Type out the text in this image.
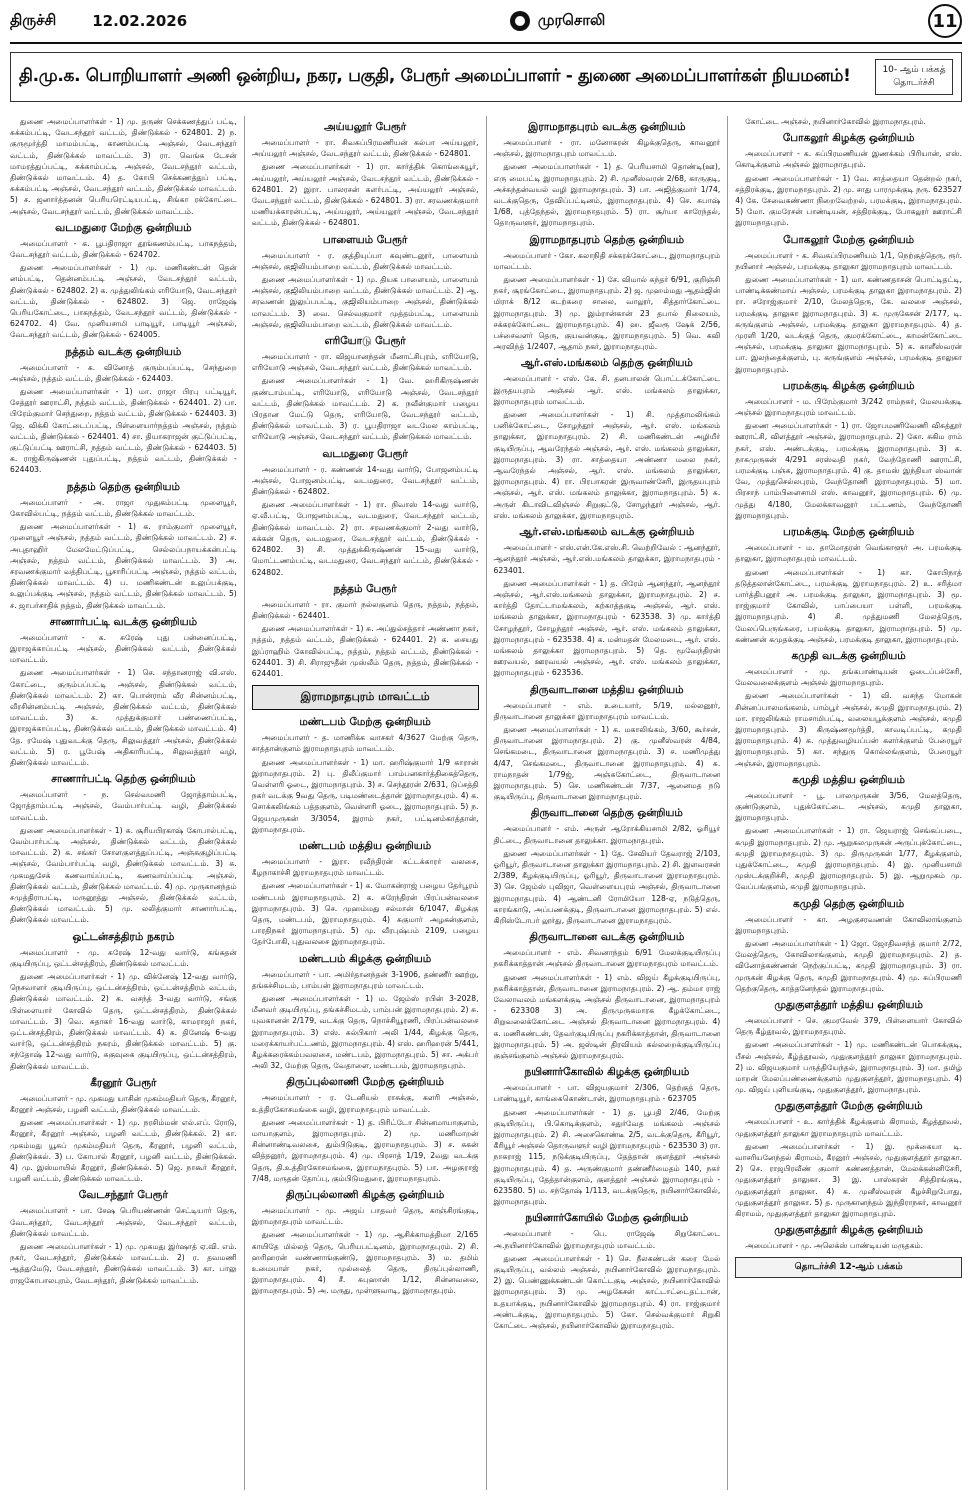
திருச்சி 12.02.2026	முரசொலி	11
தி.மு.க. பொறியாளர் அணி ஒன்றிய, நகர, பகுதி, பேரூர் அமைப்பாளர் - துணை அமைப்பாளர்கள் நியமனம்!	10- ஆம் பக்கத்
தொடர்ச்சி
துணை அமைப்பாளர்கள் - 1) மு. தருண் செக்கணத்துப் பட்டி, சுக்கம்பட்டி, வேடசந்தூர் வட்டம், திண்டுக்கல் - 624801. 2) ந. குருமூர்த்தி மாமம்பட்டி, காணம்பட்டி அஞ்சல், வேடசந்தூர் வட்டம், திண்டுக்கல் மாவட்டம். 3) ரா. வெங்க டேசன் மாமரத்துப்பட்டி, சுக்காம்பட்டி அஞ்சல், வேடசந்தூர் வட்டம், திண்டுக்கல் மாவட்டம். 4) த. கோபி செக்கணத்துப் பட்டி, சுக்கம்பட்டி அஞ்சல், வேடசந்தூர் வட்டம், திண்டுக்கல் மாவட்டம். 5) ச. ஜனார்த்தனன் பெரியரெட்டியபட்டி, சிங்கா ரக்கோட்டை அஞ்சல், வேடசந்தூர் வட்டம், திண்டுக்கல் மாவட்டம்.
வடமதுரை மேற்கு ஒன்றியம்
அமைப்பாளர் - க. பூபதிராஜா தூங்கணம்பட்டி, பாகநத்தம், வேடசந்தூர் வட்டம், திண்டுக்கல் - 624702.
துணை அமைப்பாளர்கள் - 1) மு. மணிகண்டன் தென் னம்பட்டி, தென்னம்பட்டி அஞ்சல், வேடசந்தூர் வட்டம், திண்டுக்கல் - 624802. 2) க. முத்துலிங்கம் எரியோடு, வேடசந்தூர் வட்டம், திண்டுக்கல் - 624802. 3) ஜெ. ராஜேஷ் பெரியகோட்டை, பாகநத்தம், வேடசந்தூர் வட்டம், திண்டுக்கல் - 624702. 4) வே. முனியசாமி பாடியூர், பாடியூர் அஞ்சல், வேடசந்தூர் வட்டம், திண்டுக்கல் - 624005.
நத்தம் வடக்கு ஒன்றியம்
அமைப்பாளர் - க. வினோத் குரும்பப்பட்டி, செந்துறை அஞ்சல், நத்தம் வட்டம், திண்டுக்கல் - 624403.
துணை அமைப்பாளர்கள் - 1) மா. ராஜா பிரபு பட்டியூர், சேத்தூர் ஊராட்சி, நத்தம் வட்டம், திண்டுக்கல் - 624401. 2) பா. பிரேம்குமார் செந்துறை, நத்தம் வட்டம், திண்டுக்கல் - 624403. 3) ஜெ. விக்கி கோட்டைப்பட்டி, பிள்ளையார்நத்தம் அஞ்சல், நத்தம் வட்டம், திண்டுக்கல் - 624401. 4) சா. தியாகராஜன் குட்டுப்பட்டி, குட்டுப்பட்டி ஊராட்சி, நத்தம் வட்டம், திண்டுக்கல் - 624403. 5) க. ராஜ்கிருஷ்ணன் புதுப்பட்டி, நத்தம் வட்டம், திண்டுக்கல் - 624403.
நத்தம் தெற்கு ஒன்றியம்
அமைப்பாளர் - அ. ராஜா முதுகம்பட்டி முளையூர், கோவில்பட்டி, நத்தம் வட்டம், திண்டுக்கல் மாவட்டம்.
துணை அமைப்பாளர்கள் - 1) க. ராம்குமார் முளையூர், முளையூர் அஞ்சல், நத்தம் வட்டம், திண்டுக்கல் மாவட்டம். 2) ச. அபுதாஹிர் மேலமேட்டுப்பட்டி, செல்லப்பநாயக்கன்பட்டி அஞ்சல், நத்தம் வட்டம், திண்டுக்கல் மாவட்டம். 3) அ. சரவணக்குமார் வத்திபட்டி, பூசாரிப்பட்டி அஞ்சல், நத்தம் வட்டம், திண்டுக்கல் மாவட்டம். 4) ப. மணிகண்டன் உலுப்பக்குடி, உலுப்பக்குடி அஞ்சல், நத்தம் வட்டம், திண்டுக்கல் மாவட்டம். 5) ச. ஜாபர்சாதிக் நத்தம், திண்டுக்கல் மாவட்டம்.
சாணார்பட்டி வடக்கு ஒன்றியம்
அமைப்பாளர் - க. சுரேஷ் புது பன்னைப்பட்டி, இராஜக்காப்பட்டி அஞ்சல், திண்டுக்கல் வட்டம், திண்டுக்கல் மாவட்டம்.
துணை அமைப்பாளர்கள் - 1) செ. சந்தானராஜ் வி.எஸ். கோட்டை, குரும்பப்பட்டி அஞ்சல், திண்டுக்கல் வட்டம், திண்டுக்கல் மாவட்டம். 2) கா. பொன்ராம் வீர சின்னம்பட்டி, வீரசின்னம்பட்டி அஞ்சல், திண்டுக்கல் வட்டம், திண்டுக்கல் மாவட்டம். 3) க. முத்துக்குமார் பண்ணைப்பட்டி, இராஜக்காப்பட்டி, திண்டுக்கல் வட்டம், திண்டுக்கல் மாவட்டம். 4) தே. ரமேஷ் புதுவடக்கு தெரு, சிலுவத்தூர் அஞ்சல், திண்டுக்கல் வட்டம். 5) ர. பூபேஷ் அதிகாரிபட்டி, சிலுவத்தூர் வழி, திண்டுக்கல் மாவட்டம்.
சாணார்பட்டி தெற்கு ஒன்றியம்
அமைப்பாளர் - ந. செல்வமணி ஜோத்தாம்பட்டி, ஜோத்தாம்பட்டி அஞ்சல், வேம்பார்பட்டி வழி, திண்டுக்கல் மாவட்டம்.
துணை அமைப்பாளர்கள் - 1) சு. சூரியபிரகாஷ் கோபால்பட்டி, வேம்பார்பட்டி அஞ்சல், திண்டுக்கல் வட்டம், திண்டுக்கல் மாவட்டம். 2) க. சங்கர் சோளகுளத்துப்பட்டி, அஞ்சுகுழிப்பட்டி அஞ்சல், வேம்பார்பட்டி வழி, திண்டுக்கல் மாவட்டம். 3) சு. முகமதுசேக் கணவாய்ப்பட்டி, கணவாய்ப்பட்டி அஞ்சல், திண்டுக்கல் வட்டம், திண்டுக்கல் மாவட்டம். 4) மு. முருகானந்தம் சமுத்திராபட்டி, மருனூத்து அஞ்சல், திண்டுக்கல் வட்டம், திண்டுக்கல் மாவட்டம். 5) மு. லலித்குமார் சாணார்பட்டி, திண்டுக்கல் மாவட்டம்.
ஒட்டன்சத்திரம் நகரம்
அமைப்பாளர் - மு. சுரேஷ் 12-வது வார்டு, கங்கதன் குடியிருப்பு, ஒட்டன்சத்திரம், திண்டுக்கல் மாவட்டம்.
துணை அமைப்பாளர்கள் - 1) மு. விக்னேஷ் 12-வது வார்டு, நெசவாளர் குடியிருப்பு, ஒட்டன்சத்திரம், ஒட்டன்சத்திரம் வட்டம், திண்டுக்கல் மாவட்டம். 2) க. வசந்த் 3-வது வார்டு, சங்கு பிள்ளையார் கோவில் தெரு, ஒட்டன்சத்திரம், திண்டுக்கல் மாவட்டம். 3) வெ. சுதாகர் 16-வது வார்டு, காமராஜர் நகர், ஒட்டன்சத்திரம், திண்டுக்கல் மாவட்டம். 4) க. தினேஷ் 6-வது வார்டு, ஒட்டன்சத்திரம் நகரம், திண்டுக்கல் மாவட்டம். 5) கு. சந்தோஷ் 12-வது வார்டு, சுகுவுகை குடியிருப்பு, ஒட்டன்சத்திரம், திண்டுக்கல் மாவட்டம்.
கீரனூர் பேரூர்
அமைப்பாளர் - மு. முகமது யாசின் முகம்மதியர் தெரு, கீரனூர், கீரனூர் அஞ்சல், பழனி வட்டம், திண்டுக்கல் மாவட்டம்.
துணை அமைப்பாளர்கள் - 1) மு. நரசிம்மன் எல்.எப். ரோடு, கீரனூர், கீரனூர் அஞ்சல், பழனி வட்டம், திண்டுக்கல். 2) கா. முகம்மது யூசுப் முகம்மதியர் தெரு, கீரனூர், பழனி வட்டம், திண்டுக்கல். 3) ப. கோபால் கீரனூர், பழனி வட்டம், திண்டுக்கல். 4) மு. இஸ்மாயில் கீரனூர், திண்டுக்கல். 5) ஜெ. நாகூர் கீரனூர், பழனி வட்டம், திண்டுக்கல் மாவட்டம்.
வேடசந்தூர் பேரூர்
அமைப்பாளர் - பா. சேஷ பெரியண்ணன் செட்டியார் தெரு, வேடசந்தூர், வேடசந்தூர் அஞ்சல், வேடசந்தூர் வட்டம், திண்டுக்கல் மாவட்டம்.
துணை அமைப்பாளர்கள் - 1) மு. முகமது இர்ஷாத் ஏ.வி. எம். நகர், வேடசந்தூர், திண்டுக்கல் மாவட்டம். 2) ர. தவமணி ஆத்துமேடு, வேடசந்தூர், திண்டுக்கல் மாவட்டம். 3) கா. பாலு ராஜகோபாலபுரம், வேடசந்தூர், திண்டுக்கல் மாவட்டம்.
அய்யலூர் பேரூர்
அமைப்பாளர் - ரா. சிவசுப்பிரமணியன் கல்பா அய்யலூர், அய்யலூர் அஞ்சல், வேடசந்தூர் வட்டம், திண்டுக்கல் - 624801.
துணை அமைப்பாளர்கள் - 1) ரா. கார்த்திக் கொங்கையூர், அய்யலூர், அய்யலூர் அஞ்சல், வேடசந்தூர் வட்டம், திண்டுக்கல் - 624801. 2) இரா. பாலரசன் களர்பட்டி, அய்யலூர் அஞ்சல், வேடசந்தூர் வட்டம், திண்டுக்கல் - 624801. 3) ரா. சரவணக்குமார் மணியக்காரன்பட்டி, அய்யலூர், அய்யலூர் அஞ்சல், வேடசந்தூர் வட்டம், திண்டுக்கல் - 624801.
பாளையம் பேரூர்
அமைப்பாளர் - ர. குத்தியுப்பா கவுண்டனூர், பாளையம் அஞ்சல், குஜிலியம்பாறை வட்டம், திண்டுக்கல் மாவட்டம்.
துணை அமைப்பாளர்கள் - 1) மு. தியக பாளையம், பாளையம் அஞ்சல், குஜிலியம்பாறை வட்டம், திண்டுக்கல் மாவட்டம். 2) ஆ. சரவணன் இலுப்பபட்டி, குஜிலியம்பாறை அஞ்சல், திண்டுக்கல் மாவட்டம். 3) வை. செல்வகுமார் முத்தம்பட்டி, பாளையம் அஞ்சல், குஜிலியம்பாறை வட்டம், திண்டுக்கல் மாவட்டம்.
எரியோடு பேரூர்
அமைப்பாளர் - ரா. விஜயானந்தன் மீனாட்சிபுரம், எரியோடு, எரியோடு அஞ்சல், வேடசந்தூர் வட்டம், திண்டுக்கல் மாவட்டம்.
துணை அமைப்பாளர்கள் - 1) வே. ஹரிகிருஷ்ணன் குண்டாம்பட்டி, எரியோடு, எரியோடு அஞ்சல், வேடசந்தூர் வட்டம், திண்டுக்கல் மாவட்டம். 2) க. நவீன்குமார் பழைய பிரதான மேட்டு தெரு, எரியோடு, வேடசந்தூர் வட்டம், திண்டுக்கல் மாவட்டம். 3) ர. பூபதிராஜா வடமேல காம்பட்டி, எரியோடு அஞ்சல், வேடசந்தூர் வட்டம், திண்டுக்கல் மாவட்டம்.
வடமதுரை பேரூர்
அமைப்பாளர் - ர. கண்ணன் 14-வது வார்டு, போஜனம்பட்டி அஞ்சல், போஜனம்பட்டி, வடமதுரை, வேடசந்தூர் வட்டம், திண்டுக்கல் - 624802.
துணை அமைப்பாளர்கள் - 1) ரா. நிவாஸ் 14-வது வார்டு, ஏ.வீ.பட்டி, போஜனம்பட்டி, வடமதுரை, வேடசந்தூர் வட்டம், திண்டுக்கல் மாவட்டம். 2) ரா. சரவணக்குமார் 2-வது வார்டு, கக்கன் தெரு, வடமதுரை, வேடசந்தூர் வட்டம், திண்டுக்கல் - 624802. 3) சி. முத்துக்கிருஷ்ணன் 15-வது வார்டு, மொட்டணம்பட்டி, வடமதுரை, வேடசந்தூர் வட்டம், திண்டுக்கல் - 624802.
நத்தம் பேரூர்
அமைப்பாளர் - ரா. குமார் நல்லகுளம் தெரு, நத்தம், நத்தம், திண்டுக்கல் - 624401.
துணை அமைப்பாளர்கள் - 1) சு. அப்துல்சத்தார் அண்ணா நகர், நத்தம், நத்தம் வட்டம், திண்டுக்கல் - 624401. 2) க. சையது இப்ராஹிம் கோவில்பட்டி, நத்தம், நத்தம் வட்டம், திண்டுக்கல் - 624401. 3) சி. சிராஜுதீன் முஸ்லீம் தெரு, நத்தம், திண்டுக்கல் - 624401.
இராமநாதபுரம் மாவட்டம்
மண்டபம் மேற்கு ஒன்றியம்
அமைப்பாளர் - த. மாணிக்க வாசகர் 4/3627 மேற்கு தெரு, சாத்தான்குளம் இராமநாதபுரம் மாவட்டம்.
துணை அமைப்பாளர்கள் - 1) மா. ஹரிஷ்குமார் 1/9 காரான் இராமநாதபுரம். 2) பு. திலீப்குமார் பாம்பனகார்த்திகைத்தெரு, வெள்ளரி ஓடை, இராமநாதபுரம். 3) ச. செந்தூரன் 2/631, டுப்சத்தி நகர் வடக்கு 9வது தெரு, படிமண்டைத்தான் இராமநாதபுரம். 4) க. சொக்கலிங்கம் பத்தகுளம், வெள்ளரி ஓடை, இராமநாதபுரம். 5) ந. ஜெயமுருகன் 3/3054, இராம் நகர், பட்டினம்காத்தான், இராமநாதபுரம்.
மண்டபம் மத்திய ஒன்றியம்
அமைப்பாளர் - இரா. ரவீந்திரன் கட்டக்காரர் வலசை, கீழநாகாச்சி இராமநாதபுரம் மாவட்டம்.
துணை அமைப்பாளர்கள் - 1) க. மோகன்ராஜ் பழைய தேர்பூரம் மண்டபம் இராமநாதபுரம். 2) க. சுரேந்திரன் பிரப்பன்வலசை இராமநாதபுரம். 3) செ. முஹம்மது சல்மான் 6/1047, கிழக்கு தெரு, மண்டபம், இராமநாதபுரம். 4) சுகுமார் அழகன்குளம், பாரதிநகர் இராமநாதபுரம். 5) மு. வீரபுஷ்பம் 2109, பழைய தேர்போகி, புதுவலசை இராமநாதபுரம்.
மண்டபம் கிழக்கு ஒன்றியம்
அமைப்பாளர் - பா. அமிர்தானந்தன் 3-1906, தண்ணீர் ஊற்று, தங்கச்சிமடம், பாம்பன் இராமநாதபுரம் மாவட்டம்.
துணை அமைப்பாளர்கள் - 1) ம. ஜேம்ஸ் ரபின் 3-2028, மீனவர் குடியிருப்பு, தங்கச்சிமடம், பாம்பன் இராமநாதபுரம். 2) சு. யுவகானன் 2/179, வடக்கு தெரு, நொச்சியூரணி, பிரப்பன்வலசை இராமநாதபுரம். 3) எஸ். சுல்பிகார் அலி 1/44, கிழக்கு தெரு, மரைக்காயர்பட்டணம், இராமநாதபுரம். 4) எஸ். ஹரிஹரன் 5/441, கீழக்கரைக்கம்பவலசை, மண்டபம், இராமநாதபுரம். 5) சா. அக்பர் அலி 32, மேற்கு தெரு, வேதாளை, மண்டபம், இராமநாதபுரம்.
திருப்புல்லாணி மேற்கு ஒன்றியம்
அமைப்பாளர் - ர. டேனியல் ராசுக்கு, களரி அஞ்சல், உத்திரகோசமங்கை வழி, இராமநாதபுரம் மாவட்டம்.
துணை அமைப்பாளர்கள் - 1) த. பிரிட்டோ சின்னமாயாகுளம், மாயாகுளம், இராமநாதபுரம். 2) மு. மணிமாறன் சின்னாண்டிவலசை, தும்பிடுகுடி, இராமநாதபுரம். 3) ச. சுகன் வித்தனூர், இராமநாதபுரம். 4) மு. பிரசாத் 1/19, 2வது வடக்கு தெரு, தி.உத்திரகோசமங்கை, இராமநாதபுரம். 5) பா. அழகுராஜ் 7/48, மருதன் தோப்பு, கும்பிடுமதுரை, இராமநாதபுரம்.
திருப்புல்லாணி கிழக்கு ஒன்றியம்
அமைப்பாளர் - மு. அஜய் பாதவர் தெரு, காஞ்சிரங்குடி, இராமநாதபுரம் மாவட்டம்.
துணை அமைப்பாளர்கள் - 1) மு. ஆசிக்காமத்திமா 2/165 காயிதே மில்லத் தெரு, பெரியபட்டினம், இராமநாதபுரம். 2) சி. ஹரிஹரன் வண்ணாங்குண்டு, இராமநாதபுரம். 3) ம. தமிம் உமையாள் நகர், முல்லைத் தெரு, திருப்புல்லாணி, இராமநாதபுரம். 4) சீ. சுபுஹான் 1/12, சின்னவலை, இராமநாதபுரம். 5) அ. மருது, முள்ளுவாடி, இராமநாதபுரம்.
இராமநாதபுரம் வடக்கு ஒன்றியம்
அமைப்பாளர் - ரா. மனோகரன் கிழக்குதெரு, காவனூர் அஞ்சல், இராமநாதபுரம் மாவட்டம்.
துணை அமைப்பாளர்கள் - 1) த. பெரியசாமி தொண்டி(ஊ), எரு மைபட்டி இராமநாதபுரம். 2) சி. முனீஸ்வரன் 2/68, காருகுடி, அச்சுந்தன்வயல் வழி இராமநாதபுரம். 3) பா. அஜித்குமார் 1/74, வடக்குதெரு, தேவிப்பட்டினம், இராமநாதபுரம். 4) செ. சுபாஷ் 1/68, புத்தேந்தல், இராமநாதபுரம். 5) ரா. சூர்யா காரேந்தல், தொருவளுர், இராமநாதபுரம்.
இராமநாதபுரம் தெற்கு ஒன்றியம்
அமைப்பாளர் - கோ. கலாநிதி சக்கரக்கோட்டை, இராமநாதபுரம் மாவட்டம்.
துணை அமைப்பாளர்கள் - 1) சே. விமால் சுந்தர் 6/91, குறிஞ்சி நகர், சூரங்கோட்டை, இராமநாதபுரம். 2) ஜ. முஹம்மது ஆதம்ஜின் மிராக் 8/12 கடற்கரை சாலை, வாலூர், சித்தார்கோட்டை இராமநாதபுரம். 3) மு. இம்ரான்கான் 23 தபால் நிலையம், சக்கரக்கோட்டை இராமநாதபுரம். 4) ஹ. ஜீவரூ ஷேக் 2/56, பச்சைவளர் தெரு, குயவன்குடி, இராமநாதபுரம். 5) வெ. கவி அரவிந்த் 1/2407, ஆதாம் நகர், இராமநாதபுரம்.
ஆர்.எஸ்.மங்கலம் தெற்கு ஒன்றியம்
அமைப்பாளர் - எஸ். கே. சி. தனபாலன் பொட்டக்கோட்டை இருதயபுரம் அஞ்சல் ஆர். எஸ். மங்கலம் தாலுக்கா, இராமநாதபுரம் மாவட்டம்.
துணை அமைப்பாளர்கள் - 1) சி. முத்தாமலிங்கம் பனிக்கோட்டை, சோழந்தூர் அஞ்சல், ஆர். எஸ். மங்கலம் தாலுக்கா, இராமநாதபுரம். 2) சி. மணிகண்டன் அழியீர் குடியிருப்பு, ஆவரேந்தல் அஞ்சல், ஆர். எஸ். மங்கலம் தாலுக்கா, இராமநாதபுரம். 3) ரா. சாத்தையா அண்ணா மலை நகர், ஆவரேந்தல் அஞ்சல், ஆர். எஸ். மங்கலம் தாலுக்கா, இராமநாதபுரம். 4) ரா. பிரபாகரன் இருவாண்சேரி, இருதயபுரம் அஞ்சல், ஆர். எஸ். மங்கலம் தாலுக்கா, இராமநாதபுரம். 5) சு. அருள் கிடாவிடவிஞ்சல் சிறுகுட்டு, சோழந்தூர் அஞ்சல், ஆர். எஸ். மங்கலம் தாலுக்கா, இராமநாதபுரம்.
ஆர்.எஸ்.மங்கலம் வடக்கு ஒன்றியம்
அமைப்பாளர் - எஸ்.என்.கே.எஸ்.சி. வெற்றிவேல் : ஆனந்தூர், ஆனந்தூர் அஞ்சல், ஆர்.எஸ்.மங்கலம் தாலுக்கா, இராமநாதபுரம் - 623401.
துணை அமைப்பாளர்கள் - 1) த. பிரேம் ஆனந்தூர், ஆனந்தூர் அஞ்சல், ஆர்.எஸ்.மங்கலம் தாலுக்கா, இராமநாதபுரம். 2) ச. கார்த்தி தோட்டாமங்கலம், கற்காத்தகுடி அஞ்சல், ஆர். எஸ். மங்கலம் தாலுக்கா, இராமநாதபுரம் - 623538. 3) மு. கார்த்தி சோழந்தூர், சோழந்தூர் அஞ்சல், ஆர். எஸ். மங்கலம் தாலுக்கா, இராமநாதபுரம் - 623538. 4) க. மன்மதன் மேலமடை, ஆர். எஸ். மங்கலம் தாலுக்கா இராமநாதபுரம். 5) தெ. மூவேந்திரன் ஊரவயல், ஊரவயல் அஞ்சல், ஆர். எஸ். மங்கலம் தாலுக்கா, இராமநாதபுரம் - 623536.
திருவாடானை மத்திய ஒன்றியம்
அமைப்பாளர் - எம். உடையார், 5/19, மல்லனூர், திருவாடானை தாலுக்கா இராமநாதபுரம் மாவட்டம்.
துணை அமைப்பாளர்கள் - 1) க. மகாலிங்கம், 3/60, கூர்சன், திருவாடானை இராமநாதபுரம். 2) கு. முனீஸ்வரன் 4/84, செங்கமடை, திருவாடானை இராமநாதபுரம். 3) ச. மணிமுத்து 4/47, செங்கமடை, திருவாடானை இராமநாதபுரம். 4) சு. ராமநாதன் 1/79ஜ், அஞ்சுகோட்டை, திருவாடானை இராமநாதபுரம். 5) செ. மணிகண்டன் 7/37, ஆனைமத நடு குடியிருப்பு, திருவாடானை இராமநாதபுரம்.
திருவாடானை தெற்கு ஒன்றியம்
அமைப்பாளர் - எம். அருள் ஆரோக்கியசாமி 2/82, ஓரியூர் திட்டை, திருவாடானை தாலுக்கா. இராமநாதபுரம்.
துணை அமைப்பாளர்கள் - 1) தே. சேவியர் தேவராஜ் 2/103, ஓரியூர், திருவாடானை தாலுக்கா இராமநாதபுரம். 2) சி. இளவரசன் 2/389, கீழக்குடியிருப்பு, ஓரியூர், திருவாடானை இராமநாதபுரம். 3) செ. ஜேம்ஸ் புவிஜா, வெள்ளையபுரம் அஞ்சல், திருவாடானை இராமநாதபுரம். 4) ஆண்டனி ரோமியோ 128-ஏ, நடுத்தெரு, காரங்காடு, அப்பணக்குடி, திருவாடானை இராமநாதபுரம். 5) எல். கிறிஸ்டோபர் லூர்து, திருவாடானை இராமநாதபுரம்.
திருவாடானை வடக்கு ஒன்றியம்
அமைப்பாளர் - எம். சிவனாந்தம் 6/91 மேலக்குடியிருப்பு நகரிக்காத்தான் அஞ்சல் திருவாடானை இராமநாதபுரம் மாவட்டம்.
துணை அமைப்பாளர்கள் - 1) எம். விஜய் கீழக்குடியிருப்பு, நகரிக்காத்தான், திருவாடானை இராமநாதபுரம். 2) ஆ. தம்மா ராஜ் வேலாவலம் மங்களக்குடி அஞ்சல் திருவாடானை, இராமநாதபுரம் - 623308 3) அ. திருமுருகமாரக கீழக்கோட்டை, சிறுவலைக்கோட்டை அஞ்சல் திருவாடானை இராமநாதபுரம். 4) க. மணிகண்டன், தேவர்குடியிருப்பு நகரிக்காத்தான், திருவாடானை இராமநாதபுரம். 5) அ. ஜஸ்டின் திரவியம் கல்லறைக்குடியிருப்பு குஞ்சங்குளம் அஞ்சல் இராமநாதபுரம்.
நயினார்கோவில் கிழக்கு ஒன்றியம்
அமைப்பாளர் - பா. விஜயகுமார் 2/306, தெற்குத் தெரு, பாண்டியூர், காங்கைகொண்டான், இராமநாதபுரம் - 623705
துணை அமைப்பாளர்கள் - 1) த. பூபதி 2/46, மேற்கு குடியிருப்பு, பி.கொடிக்குளம், சதுர்வேத மங்கலம் அஞ்சல் இராமநாதபுரம். 2) சி. அசைகொண்டீ 2/5, வடக்குதெரு, கீரியூர், கீரியூர் அஞ்சல் தொருவளுர் வழி இராமநாதபுரம் - 623530 3) ரா. நாகராஜ் 115, நடுக்குடியிருப்பு, தேத்தான் குளத்தூர் அஞ்சல் இராமநாதபுரம். 4) த. அருண்குமார் தண்ணீர்மைதம் 140, நகர் குடியிருப்பு, தேத்தான்குளம், குளத்தூர் அஞ்சல் இராமநாதபுரம் - 623580. 5) ம. சந்தோஷ் 1/113, வடக்குதெரு, நயினார்கோவில், இராமநாதபுரம்.
நயினார்கோயில் மேற்கு ஒன்றியம்
அமைப்பாளர் - பெ. ராஜேஷ் சிறுகோட்டை அ.நயினார்கோவில் இராமநாதபுரம் மாவட்டம்.
துணை அமைப்பாளர்கள் - 1) செ. நீலகண்டன் கரை மேல் குடியிருப்பு, வல்லம் அஞ்சல், நயினார்கோவில் இராமநாதபுரம். 2) இ. பெண்ணுக்கண்டன் கொட்டகுடி அஞ்சல், நயினார்கோவில் இராமநாதபுரம். 3) மு. அழகேசன் காட்டாட்டைதட்டான், உதயாக்குடி, நயினார்கோவில் இராமநாதபுரம். 4) ரா. ராஜ்குமார் அண்டக்குடி, இராமநாதபுரம். 5) கோ. செல்வக்குமார் சிறுகி கோட்டை அஞ்சல், நயினார்கோவில் இராமநாதபுரம்.
கோட்டை அஞ்சல், நயினார்கோவில் இராமநாதபுரம்.
போகலூர் கிழக்கு ஒன்றியம்
அமைப்பாளர் - க. சுப்பிரமணியன் இணக்கம் பிரியான், எஸ். கொடிக்குளம் அஞ்சல் இராமநாதபுரம்.
துணை அமைப்பாளர்கள் - 1) வே. சாத்தையா தென்றல் நகர், சத்திரக்குடி, இராமநாதபுரம். 2) மு. சாது பாரமுக்குடி நரு. 623527 4) கே. சேவைகண்ணா நிறைவேற்றல், பரமக்குடி, இராமநாதபுரம். 5) மோ. குமரேசன் பாண்டியன், சத்திரக்குடி, போகலூர் ஊராட்சி இராமநாதபுரம்.
போகலூர் மேற்கு ஒன்றியம்
அமைப்பாளர் - க. சிவசுப்பிரமணியம் 1/1, நெற்குத்தெரு, ரூர். நயினார் அஞ்சல், பரமக்குடி தாலுகா இராமநாதபுரம் மாவட்டம்.
துணை அமைப்பாளர்கள் - 1) மா. கண்ணதாசன் பொட்டிதட்டி, பாண்டிக்கண்மாய் அஞ்சல், பரமக்குடி தாலுகா இராமநாதபுரம். 2) ரா. சரோஜ்குமார் 2/10, மேலத்தெரு, கே. வலசை அஞ்சல், பரமக்குடி தாலுகா இராமநாதபுரம். 3) க. முருகேசன் 2/177, டி. கருங்குளம் அஞ்சல், பரமக்குடி தாலுகா இராமநாதபுரம். 4) த. முரளி 1/20, வடக்குத் தெரு, குமரக்கோட்டை, காமன்கோட்டை அஞ்சல், பரமக்குடி தாலுகா இராமநாதபுரம். 5) க. காளீஸ்வரன் பா. இலந்தைக்குளம், பு. கருங்குளம் அஞ்சல், பரமக்குடி தாலுகா இராமநாதபுரம்.
பரமக்குடி கிழக்கு ஒன்றியம்
அமைப்பாளர் - ம. பிரேம்குமார் 3/242 ராம்நகர், மேலயக்குடி அஞ்சல் இராமநாதபுரம் மாவட்டம்.
துணை அமைப்பாளர்கள் - 1) ரா. ஜோபமணிவேணி விசுத்தூர் ஊராட்சி, விளத்தூர் அஞ்சல், இராமநாதபுரம். 2) கோ. சுகிம ராம் நகர், எஸ். அண்டக்குடி, பரமக்குடி இராமநாதபுரம். 3) க. நாகமுருகன் 4/291 சரஸ்வதி நகர், வேந்தோணி ஊராட்சி, பரமக்குடி பஞ்சு, இராமநாதபுரம். 4) கு. தாமஸ் இந்தியா ஸ்வான் வே, முத்துசெல்லபுரம், வேந்தோணி இராமநாதபுரம். 5) மா. பிரசாந் பாம்பிளைசாமி எஸ். காவனூர், இராமநாதபுரம். 6) மு. முத்து 4/180, மேலக்காவனூர் பட்டணம், வேந்தோணி இராமநாதபுரம்.
பரமக்குடி மேற்கு ஒன்றியம்
அமைப்பாளர் - ம. தாமோதரன் வெங்காளூர் அ. பரமக்குடி தாலுகா, இராமநாதபுரம் மாவட்டம்.
துணை அமைப்பாளர்கள் - 1) கா. கோபிநாத் தடுத்தலான்கோட்டை, பரமக்குடி இராமநாதபுரம். 2) உ. சரித்மா பார்த்திபனூர் அ. பரமக்குடி தாலுகா, இராமநாதபுரம். 3) மூ. ராஜ்குமார் கோவில், பாப்பையா பள்ளி, பரமக்குடி இராமநாதபுரம். 4) சி. முத்துமணி மேலத்தெரு, மேலப்பெருங்கரை, பரமக்குடி தாலுகா, இராமநாதபுரம். 5) மு. கண்ணன் கமுதக்குடி அஞ்சல், பரமக்குடி தாலுகா, இராமநாதபுரம்.
கமுதி வடக்கு ஒன்றியம்
அமைப்பாளர் - மு. தங்கபாண்டியன் ஓடைப்பச்சேரி, மேலவலைக்குளம் அஞ்சல் இராமநாதபுரம்.
துணை அமைப்பாளர்கள் - 1) வி. வசந்த மோகன் சின்னப்பாலமங்கலம், பாம்பூர் அஞ்சல், கமுதி இராமநாதபுரம். 2) மா. ராஜலிங்கம் ராமசாமிபட்டி, வலையபூக்குளம் அஞ்சல், கமுதி இராமநாதபுரம். 3) கிருஷ்ணமூர்த்தி, காவடிப்பட்டி, கமுதி இராமநாதபுரம். 4) க. முத்துவழியப்பன் களர்க்குளம் பேரையூர் இராமநாதபுரம். 5) கா. சந்துரு கொல்லங்குளம், பேரையூர் அஞ்சல், இராமநாதபுரம்.
கமுதி மத்திய ஒன்றியம்
அமைப்பாளர் - பூ. பாலமுருகன் 3/56, மேலத்தெரு, குண்டுகுளம், புதுக்கோட்டை அஞ்சல், கமுதி தாலுகா, இராமநாதபுரம்.
துணை அமைப்பாளர்கள் - 1) ரா. ஜெயராஜ் செங்கப்படை, கமுதி இராமநாதபுரம். 2) மு. ஆறுகலமுருகன் அருப்புக்கோட்டை, கமுதி இராமநாதபுரம். 3) மு. திருமுருகன் 1/77, கீழக்குளம், புதுக்கோட்டை, கமுதி இராமநாதபுரம். 4) இ. முனியசாமி முஸ்டக்குறிச்சி, கமுதி இராமநாதபுரம். 5) இ. ஆறுமுகம் மு. வேப்பங்குளம், கமுதி இராமநாதபுரம்.
கமுதி தெற்கு ஒன்றியம்
அமைப்பாளர் - கா. அழகுசரவணன் கோவிலாங்குளம் இராமநாதபுரம்.
துணை அமைப்பாளர்கள் - 1) ஜோ. ஜோதிவசந்த் குமார் 2/72, மேலத்தெரு, கோவிலாங்குளம், கமுதி இராமநாதபுரம். 2) த. வினோத்கண்ணன் நெற்குப்பட்டி, கமுதி இராமநாதபுரம். 3) ரா. முருகன் கிழக்கு தெரு, கமுதி இராமநாதபுரம். 4) மு. சுப்பிரமணி தெற்குதெரு, காத்தனேந்தல் இராமநாதபுரம்.
முதுகுளத்தூர் மத்திய ஒன்றியம்
அமைப்பாளர் - செ. குமரவேல் 379, பிள்ளையார் கோவில் தெரு கீழ்தூவல், இராமநாதபுரம்.
துணை அமைப்பாளர்கள் - 1) மு. மணிகண்டன் பொசுக்குடி, பீசல் அஞ்சல், கீழ்த்தூவல், முதுகுளத்தூர் தாலுகா இராமநாதபுரம். 2) ம. விஜயகுமார் பருத்தியேந்தல், இராமநாதபுரம். 3) மா. தமிழ் மாறன் மேலப்பண்ணைக்குளம் முதுகுளத்தூர், இராமநாதபுரம். 4) மு. விஜய் புளியங்குடி, முதுகுளத்தூர், இராமநாதபுரம்.
முதுகுளத்தூர் மேற்கு ஒன்றியம்
அமைப்பாளர் - உ. கார்த்திக் கீழக்குளம் கிராமம், கீழத்தூவல், முதுகுளத்தூர் தாலுகா இராமநாதபுரம் மாவட்டம்.
துணை அமைப்பாளர்கள் - 1) இ. மூக்கையா டி. வாசரியனேந்தல் கிராமம், கீரனூர் அஞ்சல், முதுகுளத்தூர் தாலுகா. 2) செ. ராஜபிரவீண் குமார் கண்ணத்தான், மேலக்கன்னிசேரி, முதுகுளத்தூர் தாலுகா. 3) இ. பாஸ்கரன் சித்திரங்குடி, முதுகுளத்தூர் தாலுகா. 4) சு. முனீஸ்வரன் கீழச்சிறுபோது, முதுகுளத்தூர் தாலுகா. 5) த. முருகானந்தம் இந்திராநகர், காவனூர் கிராமம், முதுகுளத்தூர் தாலுகா இராமநாதபுரம்.
முதுகுளத்தூர் கிழக்கு ஒன்றியம்
அமைப்பாளர் - மு. அலெக்ஸ் பாண்டியன் மருதகம்.
தொடர்ச்சி 12-ஆம் பக்கம்
